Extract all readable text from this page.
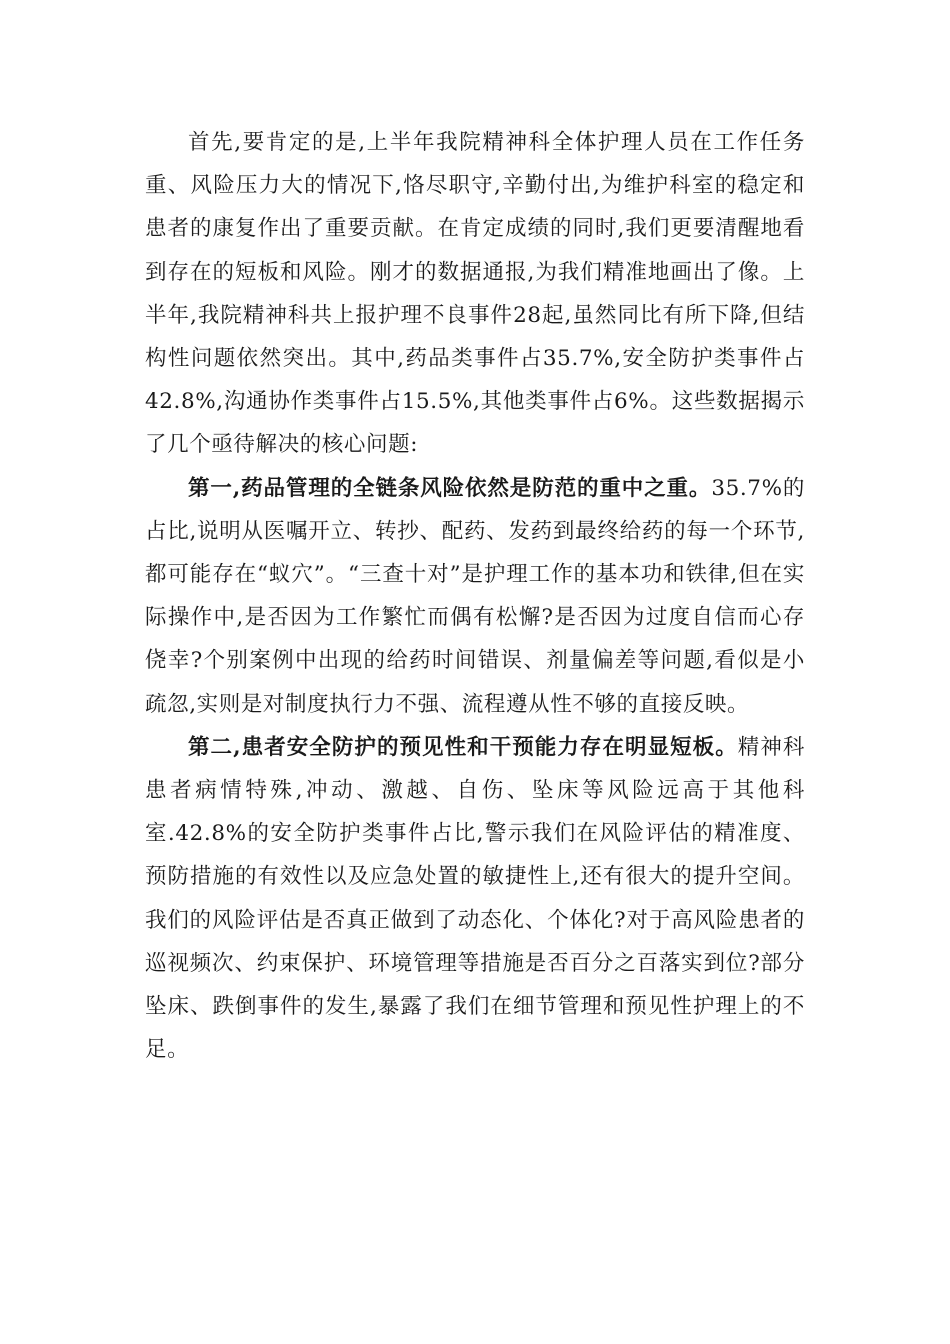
首先,要肯定的是,上半年我院精神科全体护理人员在工作任务重、风险压力大的情况下,恪尽职守,辛勤付出,为维护科室的稳定和患者的康复作出了重要贡献。在肯定成绩的同时,我们更要清醒地看到存在的短板和风险。刚才的数据通报,为我们精准地画出了像。上半年,我院精神科共上报护理不良事件28起,虽然同比有所下降,但结构性问题依然突出。其中,药品类事件占35.7%,安全防护类事件占42.8%,沟通协作类事件占15.5%,其他类事件占6%。这些数据揭示了几个亟待解决的核心问题:

第一,药品管理的全链条风险依然是防范的重中之重。35.7%的占比,说明从医嘱开立、转抄、配药、发药到最终给药的每一个环节,都可能存在“蚁穴”。“三查十对”是护理工作的基本功和铁律,但在实际操作中,是否因为工作繁忙而偶有松懈?是否因为过度自信而心存侥幸?个别案例中出现的给药时间错误、剂量偏差等问题,看似是小疏忽,实则是对制度执行力不强、流程遵从性不够的直接反映。

第二,患者安全防护的预见性和干预能力存在明显短板。精神科患者病情特殊,冲动、激越、自伤、坠床等风险远高于其他科室.42.8%的安全防护类事件占比,警示我们在风险评估的精准度、预防措施的有效性以及应急处置的敏捷性上,还有很大的提升空间。我们的风险评估是否真正做到了动态化、个体化?对于高风险患者的巡视频次、约束保护、环境管理等措施是否百分之百落实到位?部分坠床、跌倒事件的发生,暴露了我们在细节管理和预见性护理上的不足。
